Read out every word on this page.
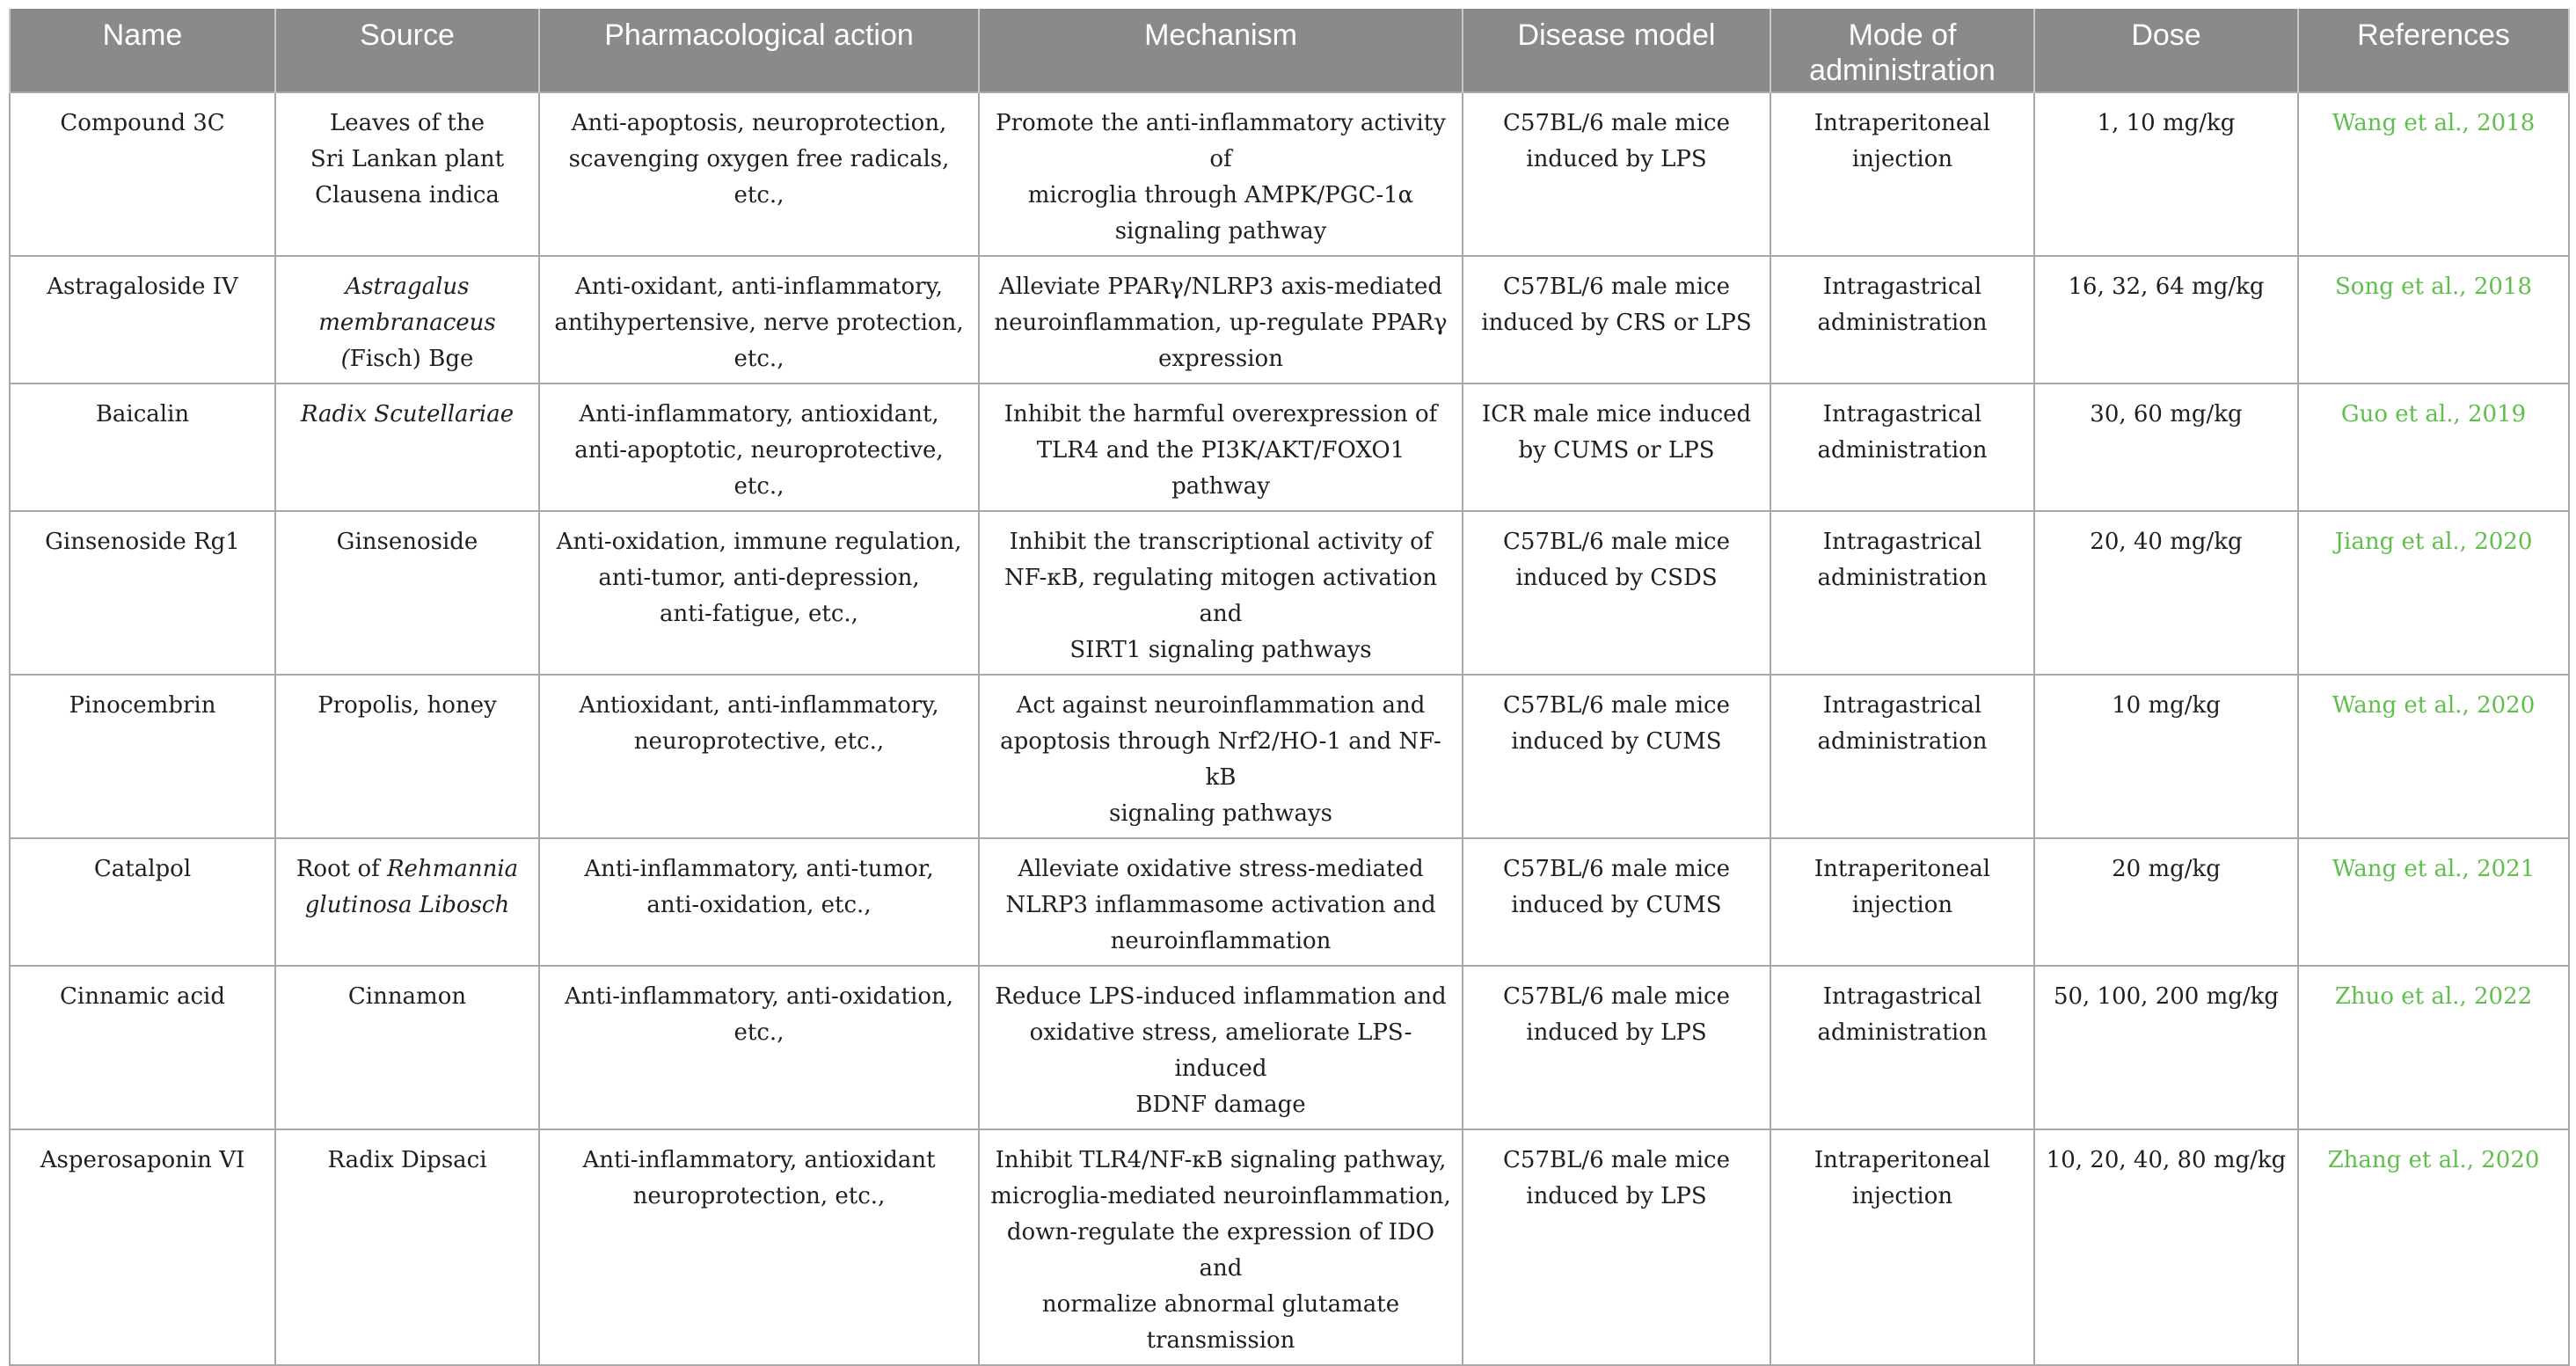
Name	Source	Pharmacological action	Mechanism	Disease model	Mode of
administration	Dose	References

Compound 3C	Leaves of the
Sri Lankan plant
Clausena indica	Anti-apoptosis, neuroprotection,
scavenging oxygen free radicals, etc.,	Promote the anti-inflammatory activity of
microglia through AMPK/PGC-1α
signaling pathway	C57BL/6 male mice
induced by LPS	Intraperitoneal
injection	1, 10 mg/kg	Wang et al., 2018
Astragaloside IV	Astragalus
membranaceus
(Fisch) Bge	Anti-oxidant, anti-inflammatory,
antihypertensive, nerve protection,
etc.,	Alleviate PPARγ/NLRP3 axis-mediated
neuroinflammation, up-regulate PPARγ
expression	C57BL/6 male mice
induced by CRS or LPS	Intragastrical
administration	16, 32, 64 mg/kg	Song et al., 2018
Baicalin	Radix Scutellariae	Anti-inflammatory, antioxidant,
anti-apoptotic, neuroprotective, etc.,	Inhibit the harmful overexpression of
TLR4 and the PI3K/AKT/FOXO1
pathway	ICR male mice induced
by CUMS or LPS	Intragastrical
administration	30, 60 mg/kg	Guo et al., 2019
Ginsenoside Rg1	Ginsenoside	Anti-oxidation, immune regulation,
anti-tumor, anti-depression,
anti-fatigue, etc.,	Inhibit the transcriptional activity of
NF-κB, regulating mitogen activation and
SIRT1 signaling pathways	C57BL/6 male mice
induced by CSDS	Intragastrical
administration	20, 40 mg/kg	Jiang et al., 2020
Pinocembrin	Propolis, honey	Antioxidant, anti-inflammatory,
neuroprotective, etc.,	Act against neuroinflammation and
apoptosis through Nrf2/HO-1 and NF-kB
signaling pathways	C57BL/6 male mice
induced by CUMS	Intragastrical
administration	10 mg/kg	Wang et al., 2020
Catalpol	Root of Rehmannia
glutinosa Libosch	Anti-inflammatory, anti-tumor,
anti-oxidation, etc.,	Alleviate oxidative stress-mediated
NLRP3 inflammasome activation and
neuroinflammation	C57BL/6 male mice
induced by CUMS	Intraperitoneal
injection	20 mg/kg	Wang et al., 2021
Cinnamic acid	Cinnamon	Anti-inflammatory, anti-oxidation,
etc.,	Reduce LPS-induced inflammation and
oxidative stress, ameliorate LPS-induced
BDNF damage	C57BL/6 male mice
induced by LPS	Intragastrical
administration	50, 100, 200 mg/kg	Zhuo et al., 2022
Asperosaponin VI	Radix Dipsaci	Anti-inflammatory, antioxidant
neuroprotection, etc.,	Inhibit TLR4/NF-κB signaling pathway,
microglia-mediated neuroinflammation,
down-regulate the expression of IDO and
normalize abnormal glutamate
transmission	C57BL/6 male mice
induced by LPS	Intraperitoneal
injection	10, 20, 40, 80 mg/kg	Zhang et al., 2020
